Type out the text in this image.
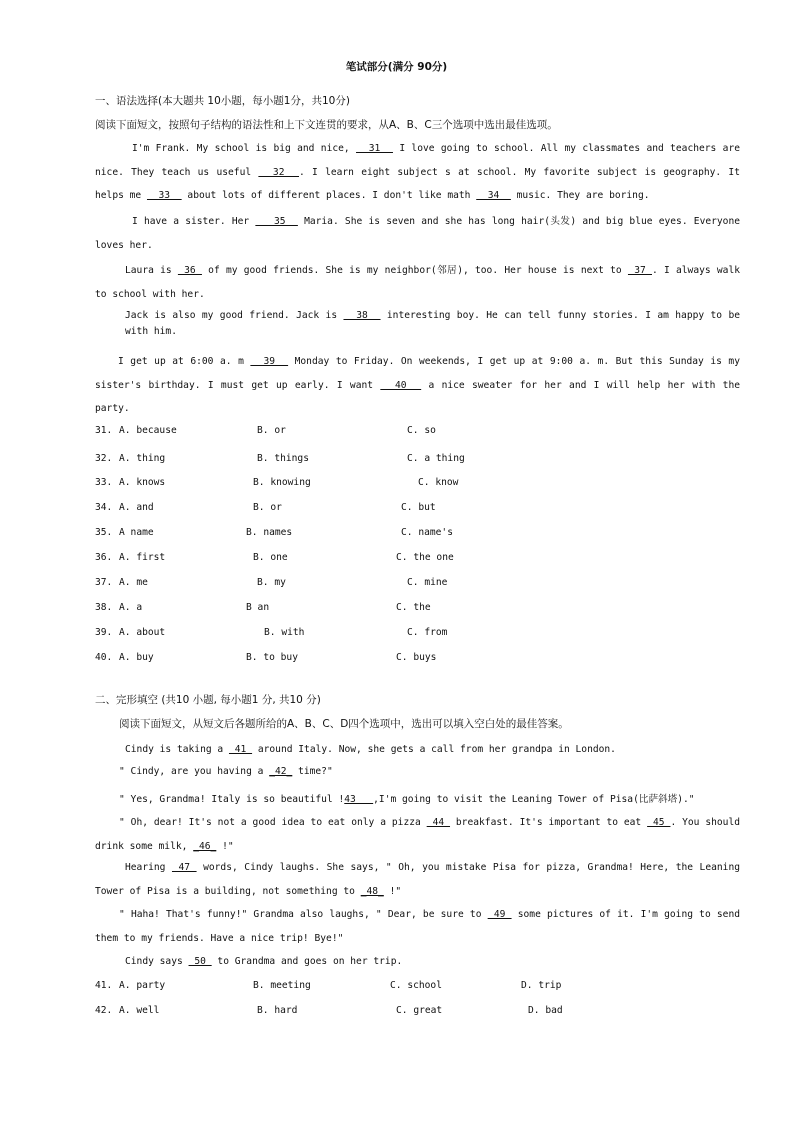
笔试部分(满分 90分)
一、语法选择(本大题共 10小题，每小题1分，共10分)
阅读下面短文，按照句子结构的语法性和上下文连贯的要求，从A、B、C三个选项中选出最佳选项。
I'm Frank. My school is big and nice,   31   I love going to school. All my classmates and teachers are nice. They teach us useful   32  . I learn eight subject s at school. My favorite subject is geography. It helps me   33   about lots of different places. I don't like math   34   music. They are boring.
I have a sister. Her    35   Maria. She is seven and she has long hair(头发) and big blue eyes. Everyone loves her.
Laura is  36  of my good friends. She is my neighbor(邻居), too. Her house is next to  37 . I always walk to school with her.
Jack is also my good friend. Jack is   38   interesting boy. He can tell funny stories. I am happy to be with him.
I get up at 6:00 a. m   39   Monday to Friday. On weekends, I get up at 9:00 a. m. But this Sunday is my sister's birthday. I must get up early. I want   40   a nice sweater for her and I will help her with the party.
31. A. because	B. or	C. so
32. A. thing	B. things	C. a thing
33. A. knows	B. knowing	C. know
34. A. and	B. or	C. but
35. A name	B. names	C. name's
36. A. first	B. one	C. the one
37. A. me	B. my	C. mine
38. A. a	B an	C. the
39. A. about	B. with	C. from
40. A. buy	B. to buy	C. buys
二、完形填空 (共10 小题, 每小题1 分, 共10 分)
阅读下面短文，从短文后各题所给的A、B、C、D四个选项中，选出可以填入空白处的最佳答案。
Cindy is taking a  41  around Italy. Now, she gets a call from her grandpa in London.
" Cindy, are you having a _42_ time?"
" Yes, Grandma! Italy is so beautiful !43   ,I'm going to visit the Leaning Tower of Pisa(比萨斜塔)."
" Oh, dear! It's not a good idea to eat only a pizza  44  breakfast. It's important to eat  45 . You should drink some milk, _46_ !"
Hearing  47  words, Cindy laughs. She says, " Oh, you mistake Pisa for pizza, Grandma! Here, the Leaning Tower of Pisa is a building, not something to _48_ !"
" Haha! That's funny!" Grandma also laughs, " Dear, be sure to  49  some pictures of it. I'm going to send them to my friends. Have a nice trip! Bye!"
Cindy says  50  to Grandma and goes on her trip.
41. A. party	B. meeting	C. school	D. trip
42. A. well	B. hard	C. great	D. bad
